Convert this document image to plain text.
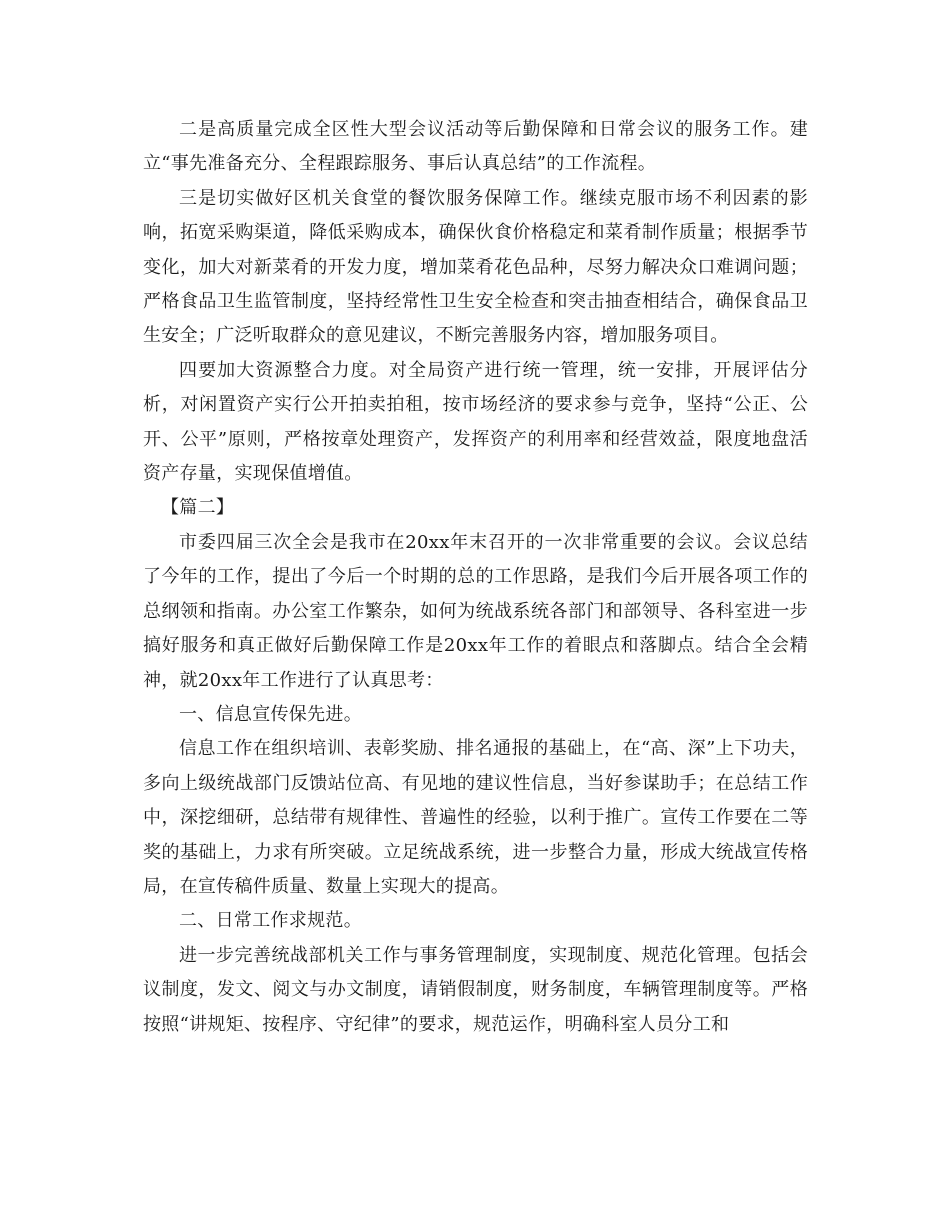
二是高质量完成全区性大型会议活动等后勤保障和日常会议的服务工作。建立“事先准备充分、全程跟踪服务、事后认真总结”的工作流程。

三是切实做好区机关食堂的餐饮服务保障工作。继续克服市场不利因素的影响，拓宽采购渠道，降低采购成本，确保伙食价格稳定和菜肴制作质量；根据季节变化，加大对新菜肴的开发力度，增加菜肴花色品种，尽努力解决众口难调问题；严格食品卫生监管制度，坚持经常性卫生安全检查和突击抽查相结合，确保食品卫生安全；广泛听取群众的意见建议，不断完善服务内容，增加服务项目。

四要加大资源整合力度。对全局资产进行统一管理，统一安排，开展评估分析，对闲置资产实行公开拍卖拍租，按市场经济的要求参与竞争，坚持“公正、公开、公平”原则，严格按章处理资产，发挥资产的利用率和经营效益，限度地盘活资产存量，实现保值增值。

【篇二】

市委四届三次全会是我市在20xx年末召开的一次非常重要的会议。会议总结了今年的工作，提出了今后一个时期的总的工作思路，是我们今后开展各项工作的总纲领和指南。办公室工作繁杂，如何为统战系统各部门和部领导、各科室进一步搞好服务和真正做好后勤保障工作是20xx年工作的着眼点和落脚点。结合全会精神，就20xx年工作进行了认真思考：

一、信息宣传保先进。

信息工作在组织培训、表彰奖励、排名通报的基础上，在“高、深”上下功夫，多向上级统战部门反馈站位高、有见地的建议性信息，当好参谋助手；在总结工作中，深挖细研，总结带有规律性、普遍性的经验，以利于推广。宣传工作要在二等奖的基础上，力求有所突破。立足统战系统，进一步整合力量，形成大统战宣传格局，在宣传稿件质量、数量上实现大的提高。

二、日常工作求规范。

进一步完善统战部机关工作与事务管理制度，实现制度、规范化管理。包括会议制度，发文、阅文与办文制度，请销假制度，财务制度，车辆管理制度等。严格按照“讲规矩、按程序、守纪律”的要求，规范运作，明确科室人员分工和
